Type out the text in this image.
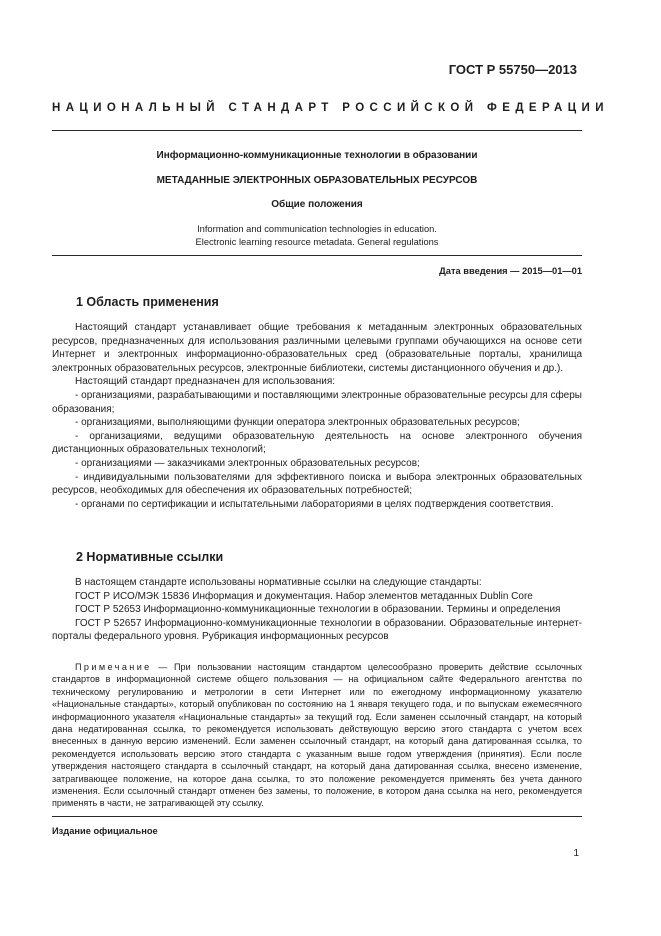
ГОСТ Р 55750—2013
НАЦИОНАЛЬНЫЙ СТАНДАРТ РОССИЙСКОЙ ФЕДЕРАЦИИ
Информационно-коммуникационные технологии в образовании
МЕТАДАННЫЕ ЭЛЕКТРОННЫХ ОБРАЗОВАТЕЛЬНЫХ РЕСУРСОВ
Общие положения
Information and communication technologies in education.
Electronic learning resource metadata. General regulations
Дата введения — 2015—01—01
1 Область применения

Настоящий стандарт устанавливает общие требования к метаданным электронных образовательных ресурсов, предназначенных для использования различными целевыми группами обучающихся на основе сети Интернет и электронных информационно-образовательных сред (образовательные порталы, хранилища электронных образовательных ресурсов, электронные библиотеки, системы дистанционного обучения и др.).

Настоящий стандарт предназначен для использования:

- организациями, разрабатывающими и поставляющими электронные образовательные ресурсы для сферы образования;

- организациями, выполняющими функции оператора электронных образовательных ресурсов;

- организациями, ведущими образовательную деятельность на основе электронного обучения дистанционных образовательных технологий;

- организациями — заказчиками электронных образовательных ресурсов;

- индивидуальными пользователями для эффективного поиска и выбора электронных образовательных ресурсов, необходимых для обеспечения их образовательных потребностей;

- органами по сертификации и испытательными лабораториями в целях подтверждения соответствия.

2 Нормативные ссылки

В настоящем стандарте использованы нормативные ссылки на следующие стандарты:

ГОСТ Р ИСО/МЭК 15836 Информация и документация. Набор элементов метаданных Dublin Core

ГОСТ Р 52653 Информационно-коммуникационные технологии в образовании. Термины и определения

ГОСТ Р 52657 Информационно-коммуникационные технологии в образовании. Образовательные интернет-порталы федерального уровня. Рубрикация информационных ресурсов

Примечание — При пользовании настоящим стандартом целесообразно проверить действие ссылочных стандартов в информационной системе общего пользования — на официальном сайте Федерального агентства по техническому регулированию и метрологии в сети Интернет или по ежегодному информационному указателю «Национальные стандарты», который опубликован по состоянию на 1 января текущего года, и по выпускам ежемесячного информационного указателя «Национальные стандарты» за текущий год. Если заменен ссылочный стандарт, на который дана недатированная ссылка, то рекомендуется использовать действующую версию этого стандарта с учетом всех внесенных в данную версию изменений. Если заменен ссылочный стандарт, на который дана датированная ссылка, то рекомендуется использовать версию этого стандарта с указанным выше годом утверждения (принятия). Если после утверждения настоящего стандарта в ссылочный стандарт, на который дана датированная ссылка, внесено изменение, затрагивающее положение, на которое дана ссылка, то это положение рекомендуется применять без учета данного изменения. Если ссылочный стандарт отменен без замены, то положение, в котором дана ссылка на него, рекомендуется применять в части, не затрагивающей эту ссылку.

Издание официальное
1
